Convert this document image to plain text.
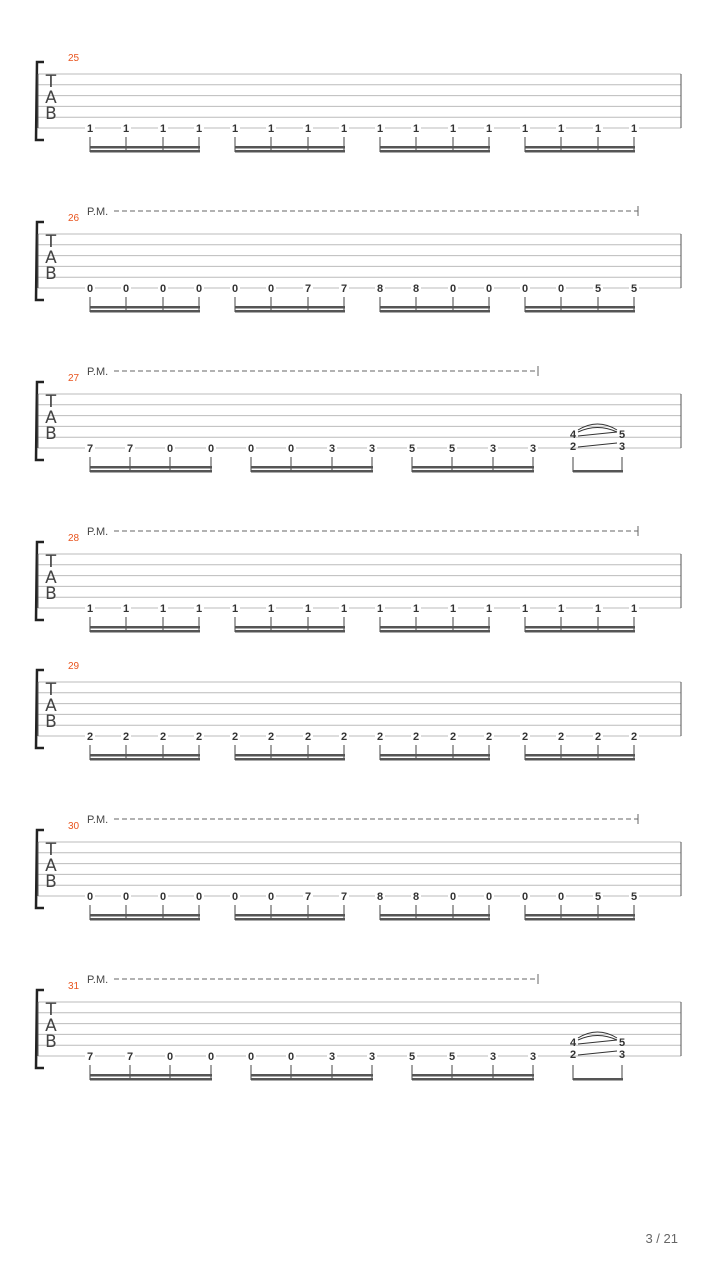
25
T
A
B
1	1	1	1	1	1	1	1	1	1	1	1	1	1	1	1
P.M.
26
T
A
B
0	0	0	0	0	0	7	7	8	8	0	0	0	0	5	5
P.M.
27
T
A
B
7	7	0	0	0	0	3	3	5	5	3	3
4
2
5
3
P.M.
28
T
A
B
1	1	1	1	1	1	1	1	1	1	1	1	1	1	1	1
29
T
A
B
2	2	2	2	2	2	2	2	2	2	2	2	2	2	2	2
P.M.
30
T
A
B
0	0	0	0	0	0	7	7	8	8	0	0	0	0	5	5
P.M.
31
T
A
B
7	7	0	0	0	0	3	3	5	5	3	3
4
2
5
3
3 / 21
